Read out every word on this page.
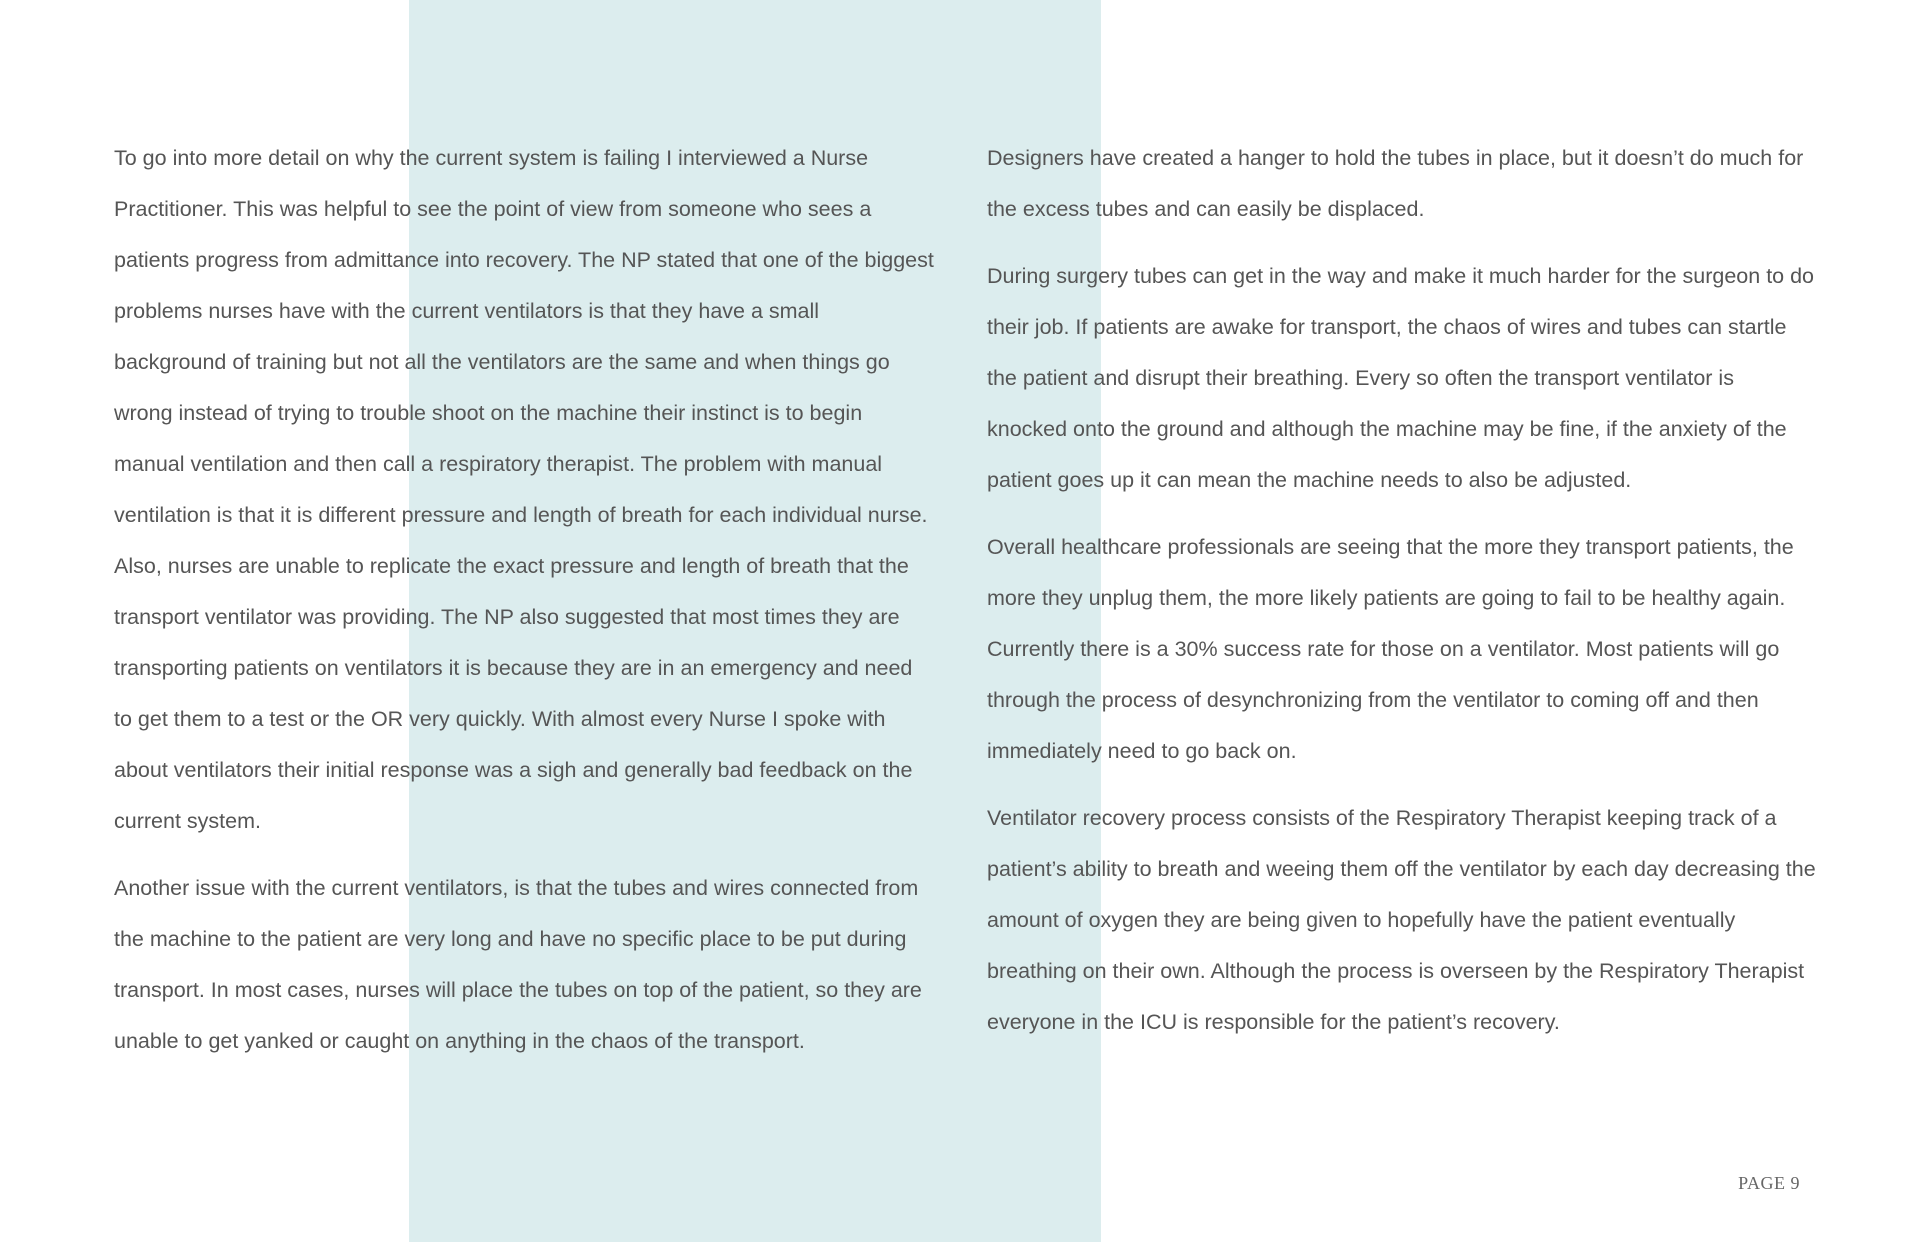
To go into more detail on why the current system is failing I interviewed a Nurse Practitioner. This was helpful to see the point of view from someone who sees a patients progress from admittance into recovery. The NP stated that one of the biggest problems nurses have with the current ventilators is that they have a small background of training but not all the ventilators are the same and when things go wrong instead of trying to trouble shoot on the machine their instinct is to begin manual ventilation and then call a respiratory therapist. The problem with manual ventilation is that it is different pressure and length of breath for each individual nurse. Also, nurses are unable to replicate the exact pressure and length of breath that the transport ventilator was providing. The NP also suggested that most times they are transporting patients on ventilators it is because they are in an emergency and need to get them to a test or the OR very quickly. With almost every Nurse I spoke with about ventilators their initial response was a sigh and generally bad feedback on the current system.

Another issue with the current ventilators, is that the tubes and wires connected from the machine to the patient are very long and have no specific place to be put during transport. In most cases, nurses will place the tubes on top of the patient, so they are unable to get yanked or caught on anything in the chaos of the transport.

Designers have created a hanger to hold the tubes in place, but it doesn’t do much for the excess tubes and can easily be displaced.

During surgery tubes can get in the way and make it much harder for the surgeon to do their job. If patients are awake for transport, the chaos of wires and tubes can startle the patient and disrupt their breathing. Every so often the transport ventilator is knocked onto the ground and although the machine may be fine, if the anxiety of the patient goes up it can mean the machine needs to also be adjusted.

Overall healthcare professionals are seeing that the more they transport patients, the more they unplug them, the more likely patients are going to fail to be healthy again. Currently there is a 30% success rate for those on a ventilator. Most patients will go through the process of desynchronizing from the ventilator to coming off and then immediately need to go back on.

Ventilator recovery process consists of the Respiratory Therapist keeping track of a patient’s ability to breath and weeing them off the ventilator by each day decreasing the amount of oxygen they are being given to hopefully have the patient eventually breathing on their own. Although the process is overseen by the Respiratory Therapist everyone in the ICU is responsible for the patient’s recovery.

PAGE 9
